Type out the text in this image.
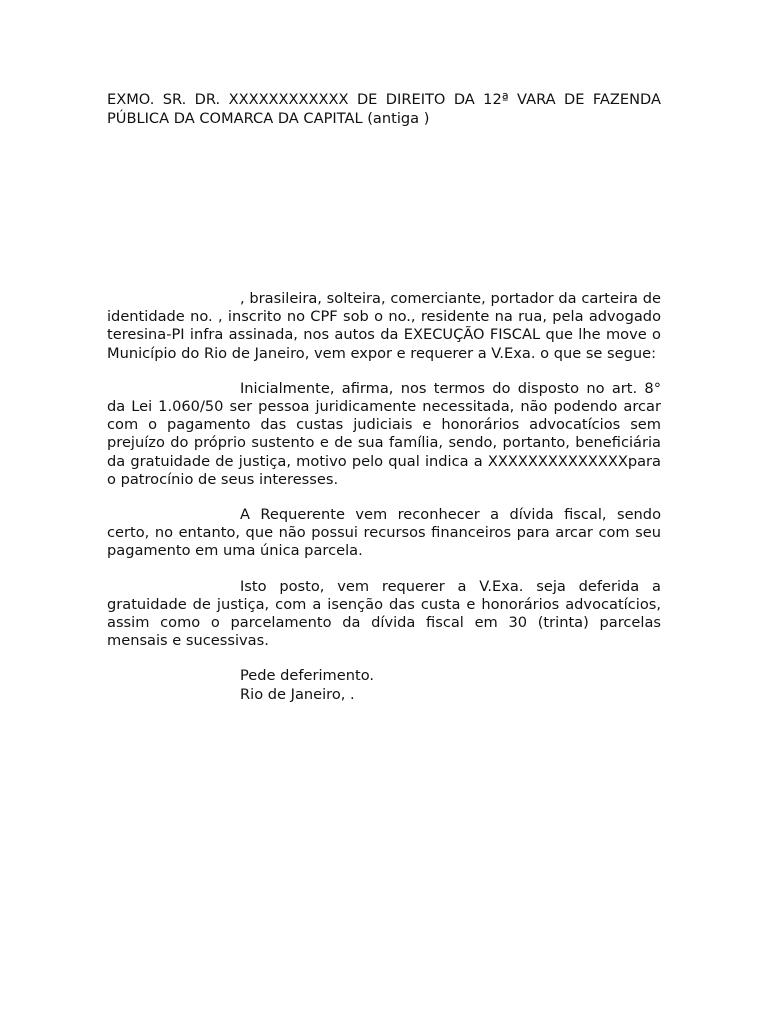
EXMO. SR. DR. XXXXXXXXXXXX DE DIREITO DA 12ª VARA DE FAZENDA PÚBLICA DA COMARCA DA CAPITAL (antiga )

, brasileira, solteira, comerciante, portador da carteira de identidade no. , inscrito no CPF sob o no., residente na rua, pela advogado teresina-PI infra assinada, nos autos da EXECUÇÃO FISCAL que lhe move o Município do Rio de Janeiro, vem expor e requerer a V.Exa. o que se segue:

Inicialmente, afirma, nos termos do disposto no art. 8° da Lei 1.060/50 ser pessoa juridicamente necessitada, não podendo arcar com o pagamento das custas judiciais e honorários advocatícios sem prejuízo do próprio sustento e de sua família, sendo, portanto, beneficiária da gratuidade de justiça, motivo pelo qual indica a XXXXXXXXXXXXXXpara o patrocínio de seus interesses.

A Requerente vem reconhecer a dívida fiscal, sendo certo, no entanto, que não possui recursos financeiros para arcar com seu pagamento em uma única parcela.

Isto posto, vem requerer a V.Exa. seja deferida a gratuidade de justiça, com a isenção das custa e honorários advocatícios, assim como o parcelamento da dívida fiscal em 30 (trinta) parcelas mensais e sucessivas.

Pede deferimento.

Rio de Janeiro, .
